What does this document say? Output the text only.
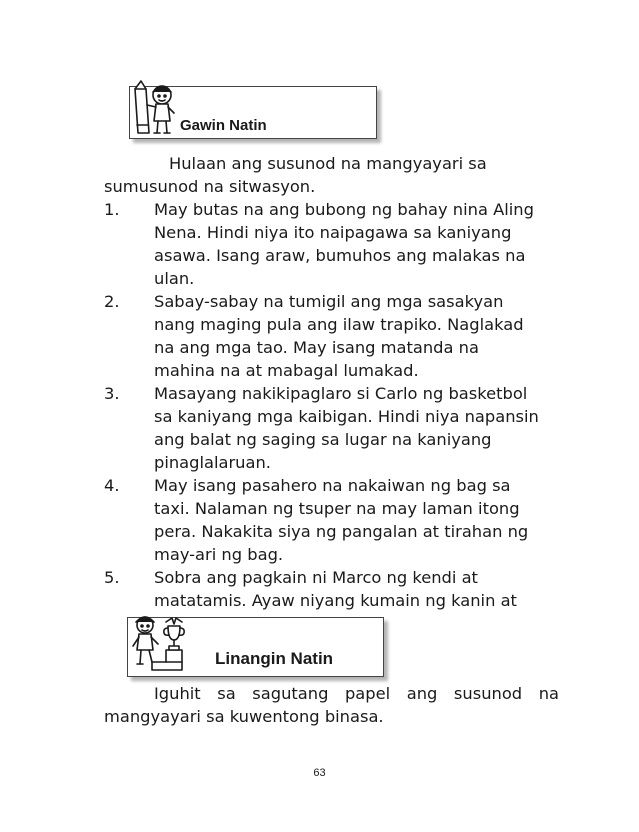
Gawin Natin
Hulaan ang susunod na mangyayari sa
sumusunod na sitwasyon.
1. May butas na ang bubong ng bahay nina Aling
Nena. Hindi niya ito naipagawa sa kaniyang
asawa. Isang araw, bumuhos ang malakas na
ulan.
2. Sabay-sabay na tumigil ang mga sasakyan
nang maging pula ang ilaw trapiko. Naglakad
na ang mga tao. May isang matanda na
mahina na at mabagal lumakad.
3. Masayang nakikipaglaro si Carlo ng basketbol
sa kaniyang mga kaibigan. Hindi niya napansin
ang balat ng saging sa lugar na kaniyang
pinaglalaruan.
4. May isang pasahero na nakaiwan ng bag sa
taxi. Nalaman ng tsuper na may laman itong
pera. Nakakita siya ng pangalan at tirahan ng
may-ari ng bag.
5. Sobra ang pagkain ni Marco ng kendi at
matatamis. Ayaw niyang kumain ng kanin at
Linangin Natin
Iguhit sa sagutang papel ang susunod na
mangyayari sa kuwentong binasa.
63
